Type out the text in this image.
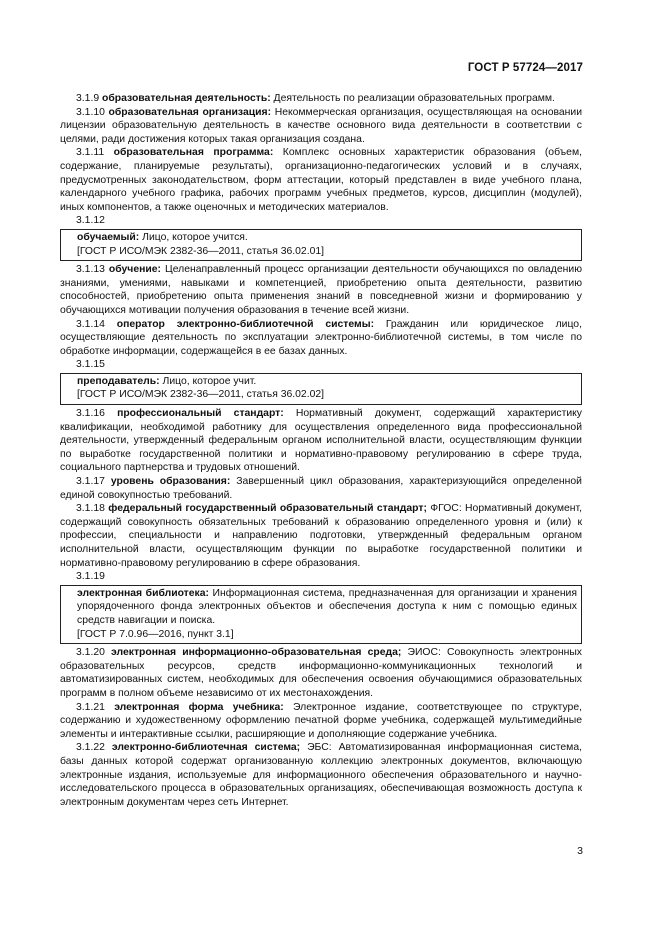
ГОСТ Р 57724—2017

3.1.9 образовательная деятельность: Деятельность по реализации образовательных программ.

3.1.10 образовательная организация: Некоммерческая организация, осуществляющая на основании лицензии образовательную деятельность в качестве основного вида деятельности в соответствии с целями, ради достижения которых такая организация создана.

3.1.11 образовательная программа: Комплекс основных характеристик образования (объем, содержание, планируемые результаты), организационно-педагогических условий и в случаях, предусмотренных законодательством, форм аттестации, который представлен в виде учебного плана, календарного учебного графика, рабочих программ учебных предметов, курсов, дисциплин (модулей), иных компонентов, а также оценочных и методических материалов.

3.1.12

обучаемый: Лицо, которое учится.

[ГОСТ Р ИСО/МЭК 2382-36—2011, статья 36.02.01]

3.1.13 обучение: Целенаправленный процесс организации деятельности обучающихся по овладению знаниями, умениями, навыками и компетенцией, приобретению опыта деятельности, развитию способностей, приобретению опыта применения знаний в повседневной жизни и формированию у обучающихся мотивации получения образования в течение всей жизни.

3.1.14 оператор электронно-библиотечной системы: Гражданин или юридическое лицо, осуществляющие деятельность по эксплуатации электронно-библиотечной системы, в том числе по обработке информации, содержащейся в ее базах данных.

3.1.15

преподаватель: Лицо, которое учит.

[ГОСТ Р ИСО/МЭК 2382-36—2011, статья 36.02.02]

3.1.16 профессиональный стандарт: Нормативный документ, содержащий характеристику квалификации, необходимой работнику для осуществления определенного вида профессиональной деятельности, утвержденный федеральным органом исполнительной власти, осуществляющим функции по выработке государственной политики и нормативно-правовому регулированию в сфере труда, социального партнерства и трудовых отношений.

3.1.17 уровень образования: Завершенный цикл образования, характеризующийся определенной единой совокупностью требований.

3.1.18 федеральный государственный образовательный стандарт; ФГОС: Нормативный документ, содержащий совокупность обязательных требований к образованию определенного уровня и (или) к профессии, специальности и направлению подготовки, утвержденный федеральным органом исполнительной власти, осуществляющим функции по выработке государственной политики и нормативно-правовому регулированию в сфере образования.

3.1.19

электронная библиотека: Информационная система, предназначенная для организации и хранения упорядоченного фонда электронных объектов и обеспечения доступа к ним с помощью единых средств навигации и поиска.

[ГОСТ Р 7.0.96—2016, пункт 3.1]

3.1.20 электронная информационно-образовательная среда; ЭИОС: Совокупность электронных образовательных ресурсов, средств информационно-коммуникационных технологий и автоматизированных систем, необходимых для обеспечения освоения обучающимися образовательных программ в полном объеме независимо от их местонахождения.

3.1.21 электронная форма учебника: Электронное издание, соответствующее по структуре, содержанию и художественному оформлению печатной форме учебника, содержащей мультимедийные элементы и интерактивные ссылки, расширяющие и дополняющие содержание учебника.

3.1.22 электронно-библиотечная система; ЭБС: Автоматизированная информационная система, базы данных которой содержат организованную коллекцию электронных документов, включающую электронные издания, используемые для информационного обеспечения образовательного и научно-исследовательского процесса в образовательных организациях, обеспечивающая возможность доступа к электронным документам через сеть Интернет.

3
